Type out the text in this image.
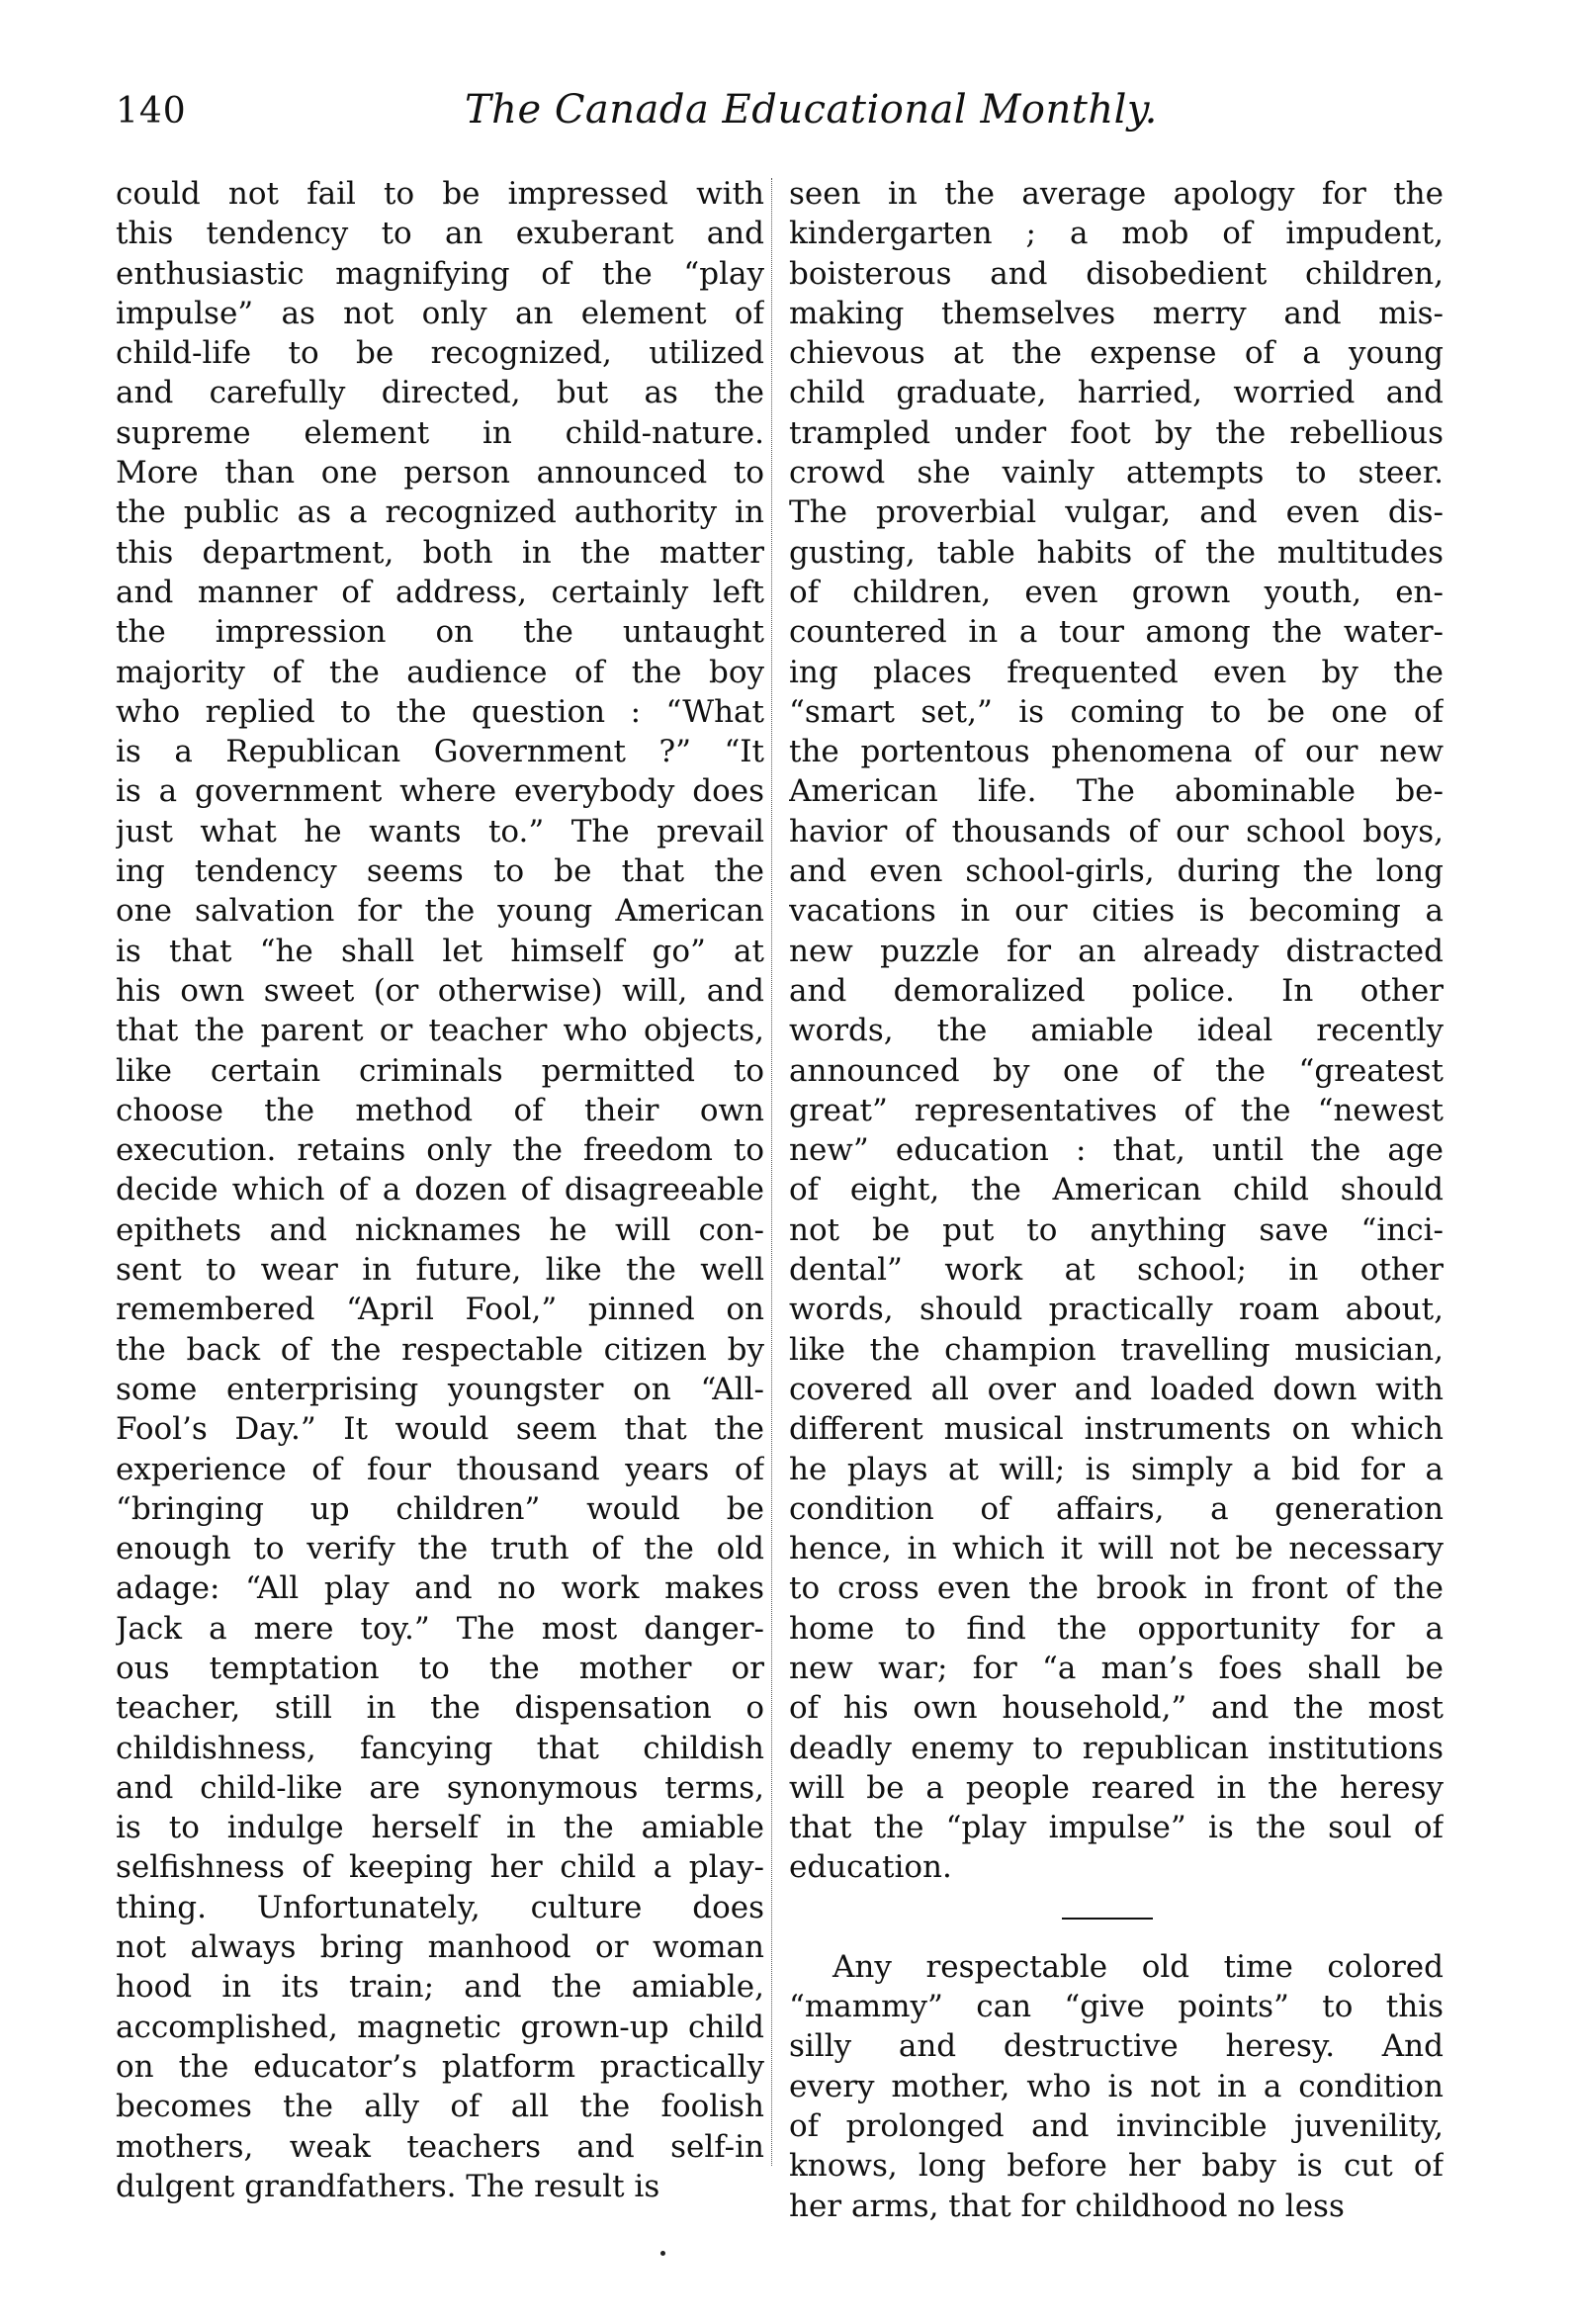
140	The Canada Educational Monthly.
could not fail to be impressed with
this tendency to an exuberant and
enthusiastic magnifying of the “play
impulse” as not only an element of
child-life to be recognized, utilized
and carefully directed, but as the
supreme element in child-nature.
More than one person announced to
the public as a recognized authority in
this department, both in the matter
and manner of address, certainly left
the impression on the untaught
majority of the audience of the boy
who replied to the question : “What
is a Republican Government ?” “It
is a government where everybody does
just what he wants to.” The prevail
ing tendency seems to be that the
one salvation for the young American
is that “he shall let himself go” at
his own sweet (or otherwise) will, and
that the parent or teacher who objects,
like certain criminals permitted to
choose the method of their own
execution. retains only the freedom to
decide which of a dozen of disagreeable
epithets and nicknames he will con-
sent to wear in future, like the well
remembered “April Fool,” pinned on
the back of the respectable citizen by
some enterprising youngster on “All-
Fool’s Day.” It would seem that the
experience of four thousand years of
“bringing up children” would be
enough to verify the truth of the old
adage: “All play and no work makes
Jack a mere toy.” The most danger-
ous temptation to the mother or
teacher, still in the dispensation o
childishness, fancying that childish
and child-like are synonymous terms,
is to indulge herself in the amiable
selfishness of keeping her child a play-
thing. Unfortunately, culture does
not always bring manhood or woman
hood in its train; and the amiable,
accomplished, magnetic grown-up child
on the educator’s platform practically
becomes the ally of all the foolish
mothers, weak teachers and self-in
dulgent grandfathers. The result is
seen in the average apology for the
kindergarten ; a mob of impudent,
boisterous and disobedient children,
making themselves merry and mis-
chievous at the expense of a young
child graduate, harried, worried and
trampled under foot by the rebellious
crowd she vainly attempts to steer.
The proverbial vulgar, and even dis-
gusting, table habits of the multitudes
of children, even grown youth, en-
countered in a tour among the water-
ing places frequented even by the
“smart set,” is coming to be one of
the portentous phenomena of our new
American life. The abominable be-
havior of thousands of our school boys,
and even school-girls, during the long
vacations in our cities is becoming a
new puzzle for an already distracted
and demoralized police. In other
words, the amiable ideal recently
announced by one of the “greatest
great” representatives of the “newest
new” education : that, until the age
of eight, the American child should
not be put to anything save “inci-
dental” work at school; in other
words, should practically roam about,
like the champion travelling musician,
covered all over and loaded down with
different musical instruments on which
he plays at will; is simply a bid for a
condition of affairs, a generation
hence, in which it will not be necessary
to cross even the brook in front of the
home to find the opportunity for a
new war; for “a man’s foes shall be
of his own household,” and the most
deadly enemy to republican institutions
will be a people reared in the heresy
that the “play impulse” is the soul of
education.
Any respectable old time colored
“mammy” can “give points” to this
silly and destructive heresy. And
every mother, who is not in a condition
of prolonged and invincible juvenility,
knows, long before her baby is cut of
her arms, that for childhood no less
